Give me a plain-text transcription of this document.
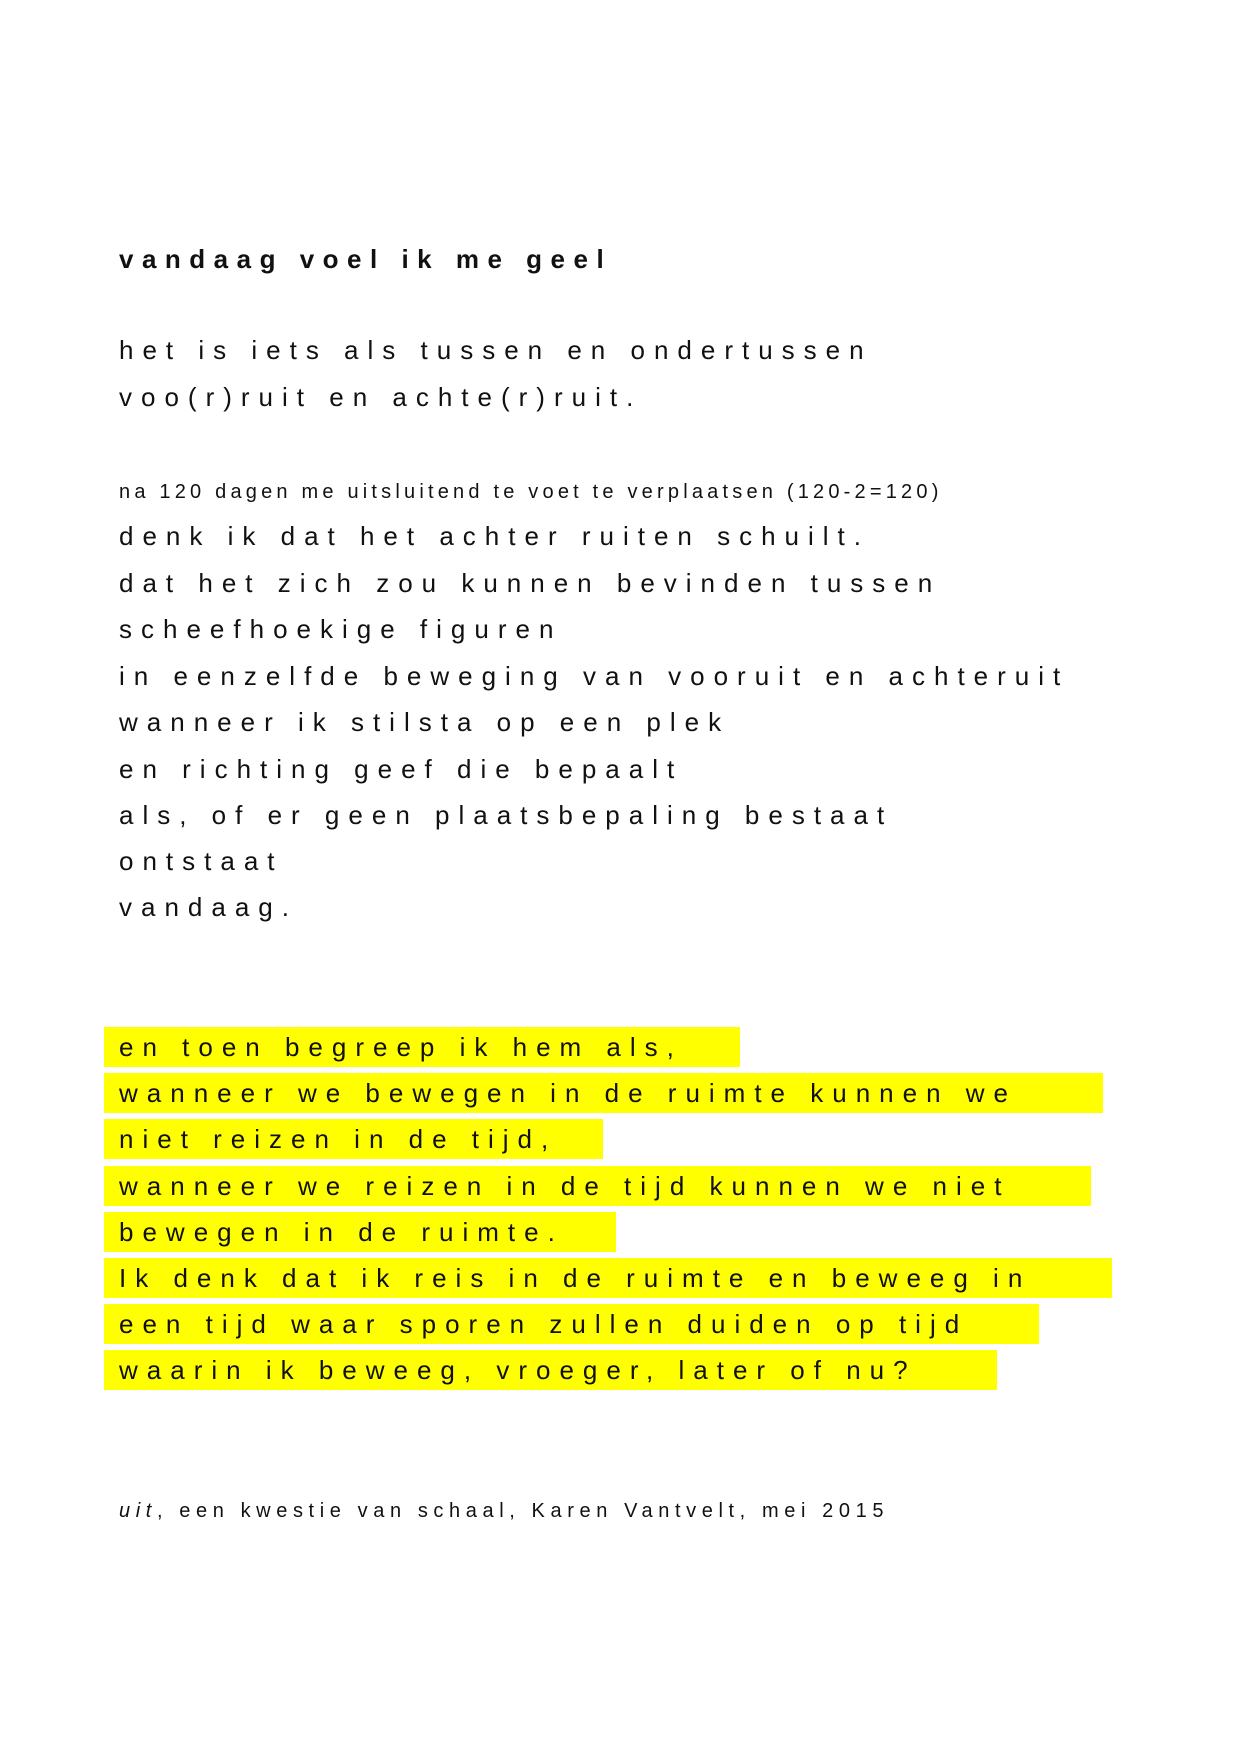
vandaag voel ik me geel
het is iets als tussen en ondertussen
voo(r)ruit en achte(r)ruit.
na 120 dagen me uitsluitend te voet te verplaatsen (120-2=120)
denk ik dat het achter ruiten schuilt.
dat het zich zou kunnen bevinden tussen
scheefhoekige figuren
in eenzelfde beweging van vooruit en achteruit
wanneer ik stilsta op een plek
en richting geef die bepaalt
als, of er geen plaatsbepaling bestaat
ontstaat
vandaag.
en toen begreep ik hem als,
wanneer we bewegen in de ruimte kunnen we
niet reizen in de tijd,
wanneer we reizen in de tijd kunnen we niet
bewegen in de ruimte.
Ik denk dat ik reis in de ruimte en beweeg in
een tijd waar sporen zullen duiden op tijd
waarin ik beweeg, vroeger, later of nu?
uit, een kwestie van schaal, Karen Vantvelt, mei 2015
